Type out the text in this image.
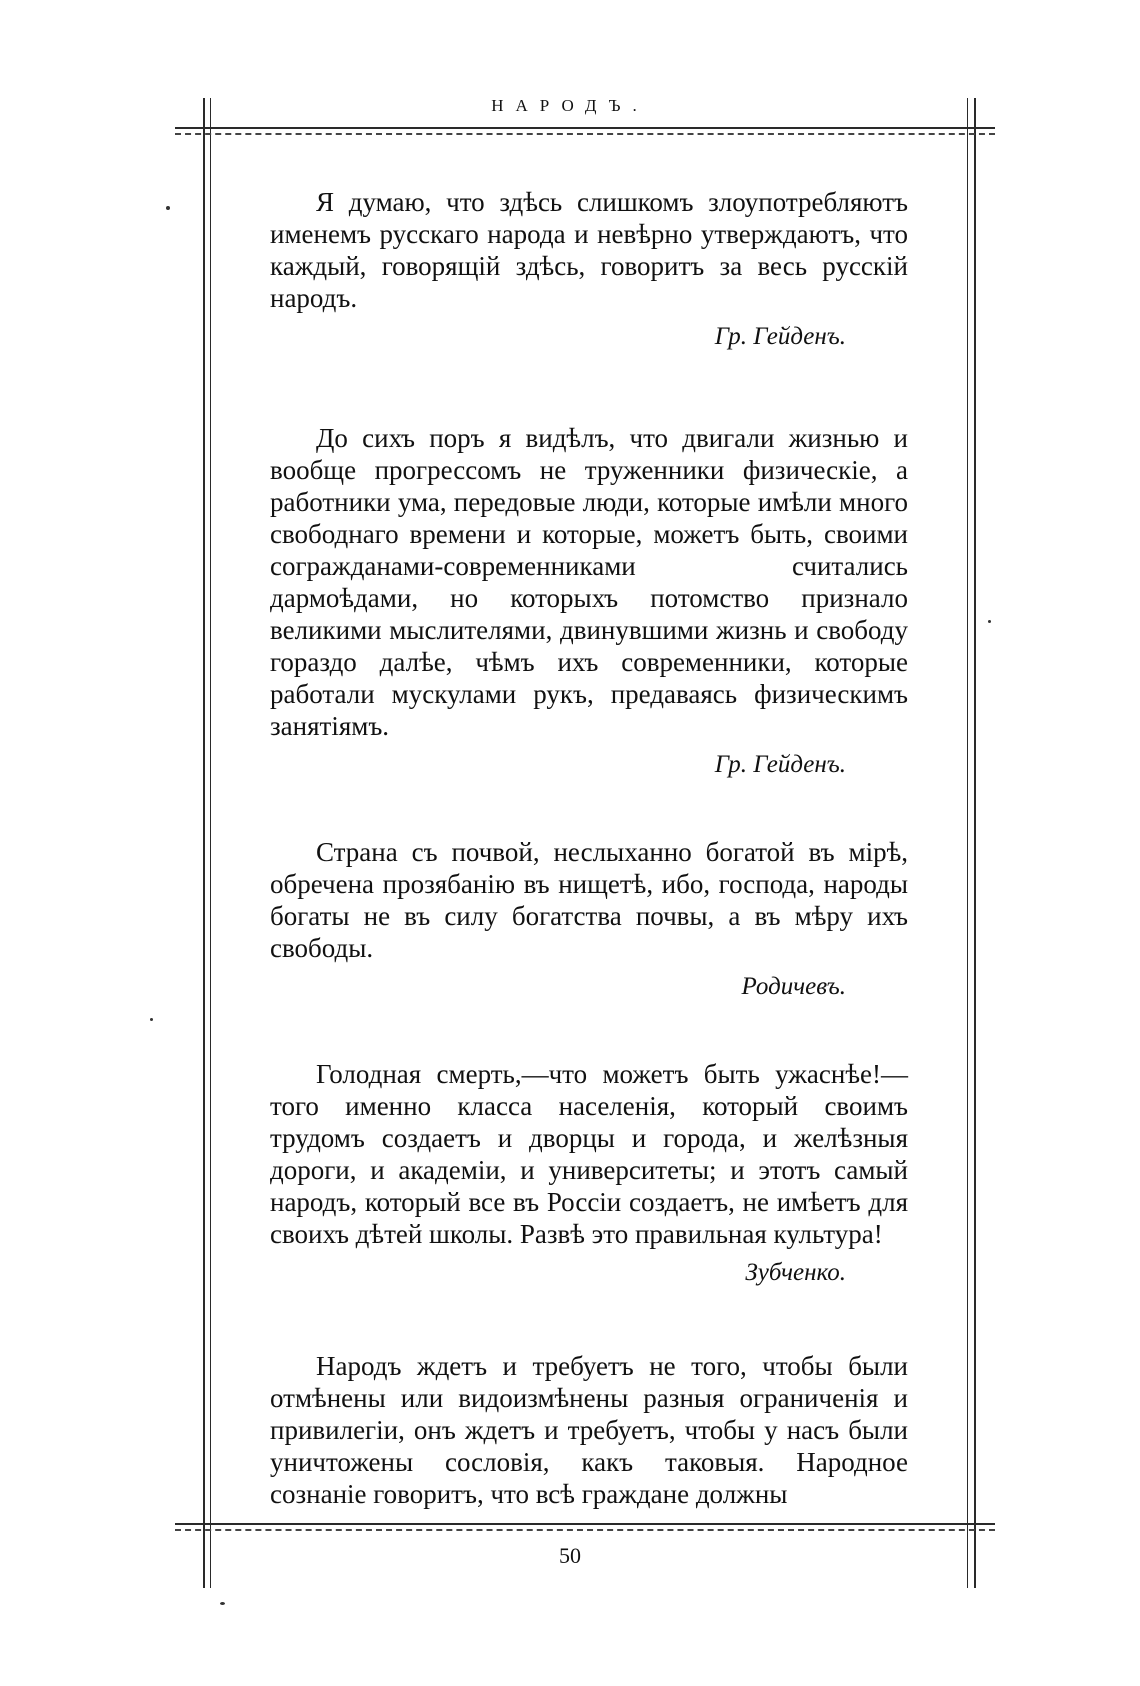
НАРОДЪ.

Я думаю, что здѣсь слишкомъ злоупотребляютъ именемъ русскаго народа и невѣрно утверждаютъ, что каждый, говорящій здѣсь, говоритъ за весь русскій народъ.

Гр. Гейденъ.

До сихъ поръ я видѣлъ, что двигали жизнью и вообще прогрессомъ не труженники физическіе, а работники ума, передовые люди, которые имѣли много свободнаго времени и которые, можетъ быть, своими согражданами-современниками считались дармоѣдами, но которыхъ потомство признало великими мыслителями, двинувшими жизнь и свободу гораздо далѣе, чѣмъ ихъ современники, которые работали мускулами рукъ, предаваясь физическимъ занятіямъ.

Гр. Гейденъ.

Страна съ почвой, неслыханно богатой въ мірѣ, обречена прозябанію въ нищетѣ, ибо, господа, народы богаты не въ силу богатства почвы, а въ мѣру ихъ свободы.

Родичевъ.

Голодная смерть,—что можетъ быть ужаснѣе!—того именно класса населенія, который своимъ трудомъ создаетъ и дворцы и города, и желѣзныя дороги, и академіи, и университеты; и этотъ самый народъ, который все въ Россіи создаетъ, не имѣетъ для своихъ дѣтей школы. Развѣ это правильная культура!

Зубченко.

Народъ ждетъ и требуетъ не того, чтобы были отмѣнены или видоизмѣнены разныя ограниченія и привилегіи, онъ ждетъ и требуетъ, чтобы у насъ были уничтожены сословія, какъ таковыя. Народное сознаніе говоритъ, что всѣ граждане должны

50
